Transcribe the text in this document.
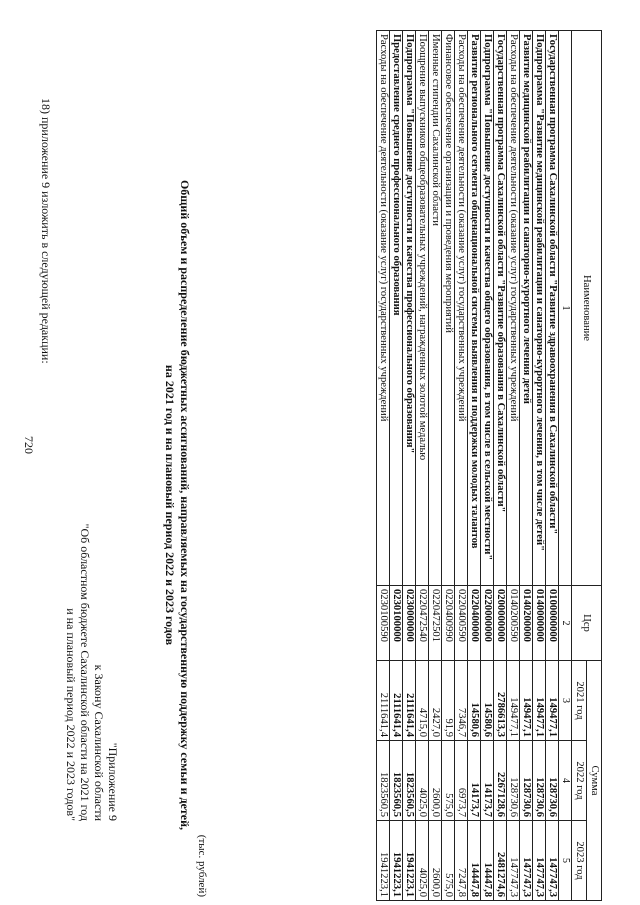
18) приложение 9 изложить в следующей редакции:
720
"Приложение 9
к Закону Сахалинской области
"Об областном бюджете Сахалинской области на 2021 год
и на плановый период 2022 и 2023 годов"	Общий объем и распределение бюджетных ассигнований, направляемых на государственную поддержку семьи и детей,
на 2021 год и на плановый период 2022 и 2023 годов
(тыс. рублей)
Наименование	Цср	Сумма		
		2021 год	2022 год	2023 год
1	2	3	4	5
Государственная программа Сахалинской области "Развитие здравоохранения в Сахалинской области"	0100000000	149477,1	128730,6	147747,3
Подпрограмма "Развитие медицинской реабилитации и санаторно-курортного лечения, в том числе детей"	0140000000	149477,1	128730,6	147747,3
Развитие медицинской реабилитации и санаторно-курортного лечения детей	0140200000	149477,1	128730,6	147747,3
Расходы на обеспечение деятельности (оказание услуг) государственных учреждений	0140200590	149477,1	128730,6	147747,3
Государственная программа Сахалинской области "Развитие образования в Сахалинской области"	0200000000	2786613,3	2267128,6	2481274,6
Подпрограмма "Повышение доступности и качества общего образования, в том числе в сельской местности"	0220000000	14580,6	14173,7	14447,8
Развитие регионального сегмента общенациональной системы выявления и поддержки молодых талантов	0220400000	14580,6	14173,7	14447,8
Расходы на обеспечение деятельности (оказание услуг) государственных учреждений	0220400590	7346,7	6973,7	7247,8
Финансовое обеспечение организации и проведения мероприятий	0220400990	91,9	575,0	575,0
Именные стипендии Сахалинской области	0220472501	2427,0	2600,0	2600,0
Поощрение выпускников общеобразовательных учреждений, награжденных золотой медалью	0220472540	4715,0	4025,0	4025,0
Подпрограмма "Повышение доступности и качества профессионального образования"	0230000000	2111641,4	1823560,5	1941223,1
Предоставление среднего профессионального образования	0230100000	2111641,4	1823560,5	1941223,1
Расходы на обеспечение деятельности (оказание услуг) государственных учреждений	0230100590	2111641,4	1823560,5	1941223,1
